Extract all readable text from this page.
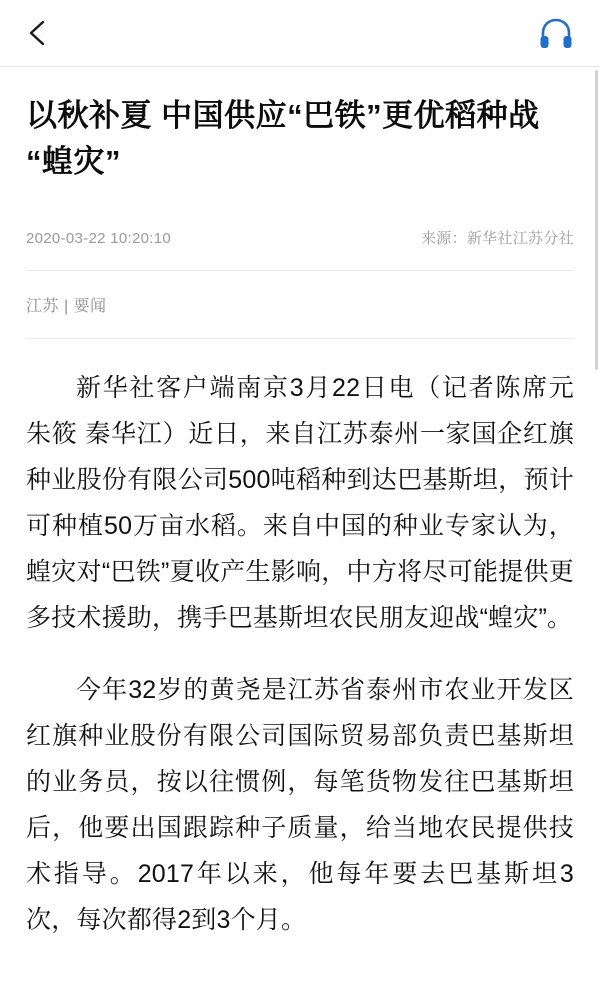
以秋补夏 中国供应“巴铁”更优稻种战“蝗灾”
2020-03-22 10:20:10	来源：新华社江苏分社
江苏 | 要闻

新华社客户端南京3月22日电（记者陈席元 朱筱 秦华江）近日，来自江苏泰州一家国企红旗种业股份有限公司500吨稻种到达巴基斯坦，预计可种植50万亩水稻。来自中国的种业专家认为，蝗灾对“巴铁”夏收产生影响，中方将尽可能提供更多技术援助，携手巴基斯坦农民朋友迎战“蝗灾”。

今年32岁的黄尧是江苏省泰州市农业开发区红旗种业股份有限公司国际贸易部负责巴基斯坦的业务员，按以往惯例，每笔货物发往巴基斯坦后，他要出国跟踪种子质量，给当地农民提供技术指导。2017年以来，他每年要去巴基斯坦3次，每次都得2到3个月。
